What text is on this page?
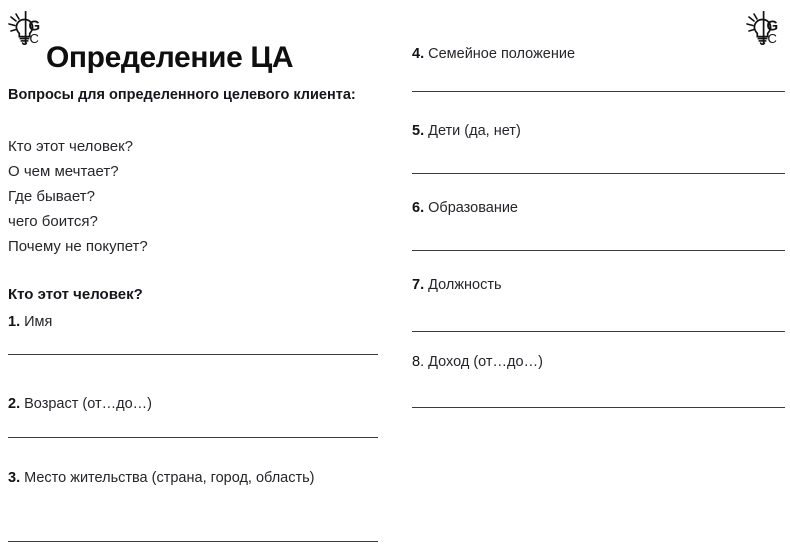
G
C
G
C
Определение ЦА
Вопросы для определенного целевого клиента:
Кто этот человек?
О чем мечтает?
Где бывает?
чего боится?
Почему не покупет?
Кто этот человек?
1. Имя
2. Возраст (от…до…)
3. Место жительства (страна, город, область)
4. Семейное положение
5. Дети (да, нет)
6. Образование
7. Должность
8. Доход (от…до…)
